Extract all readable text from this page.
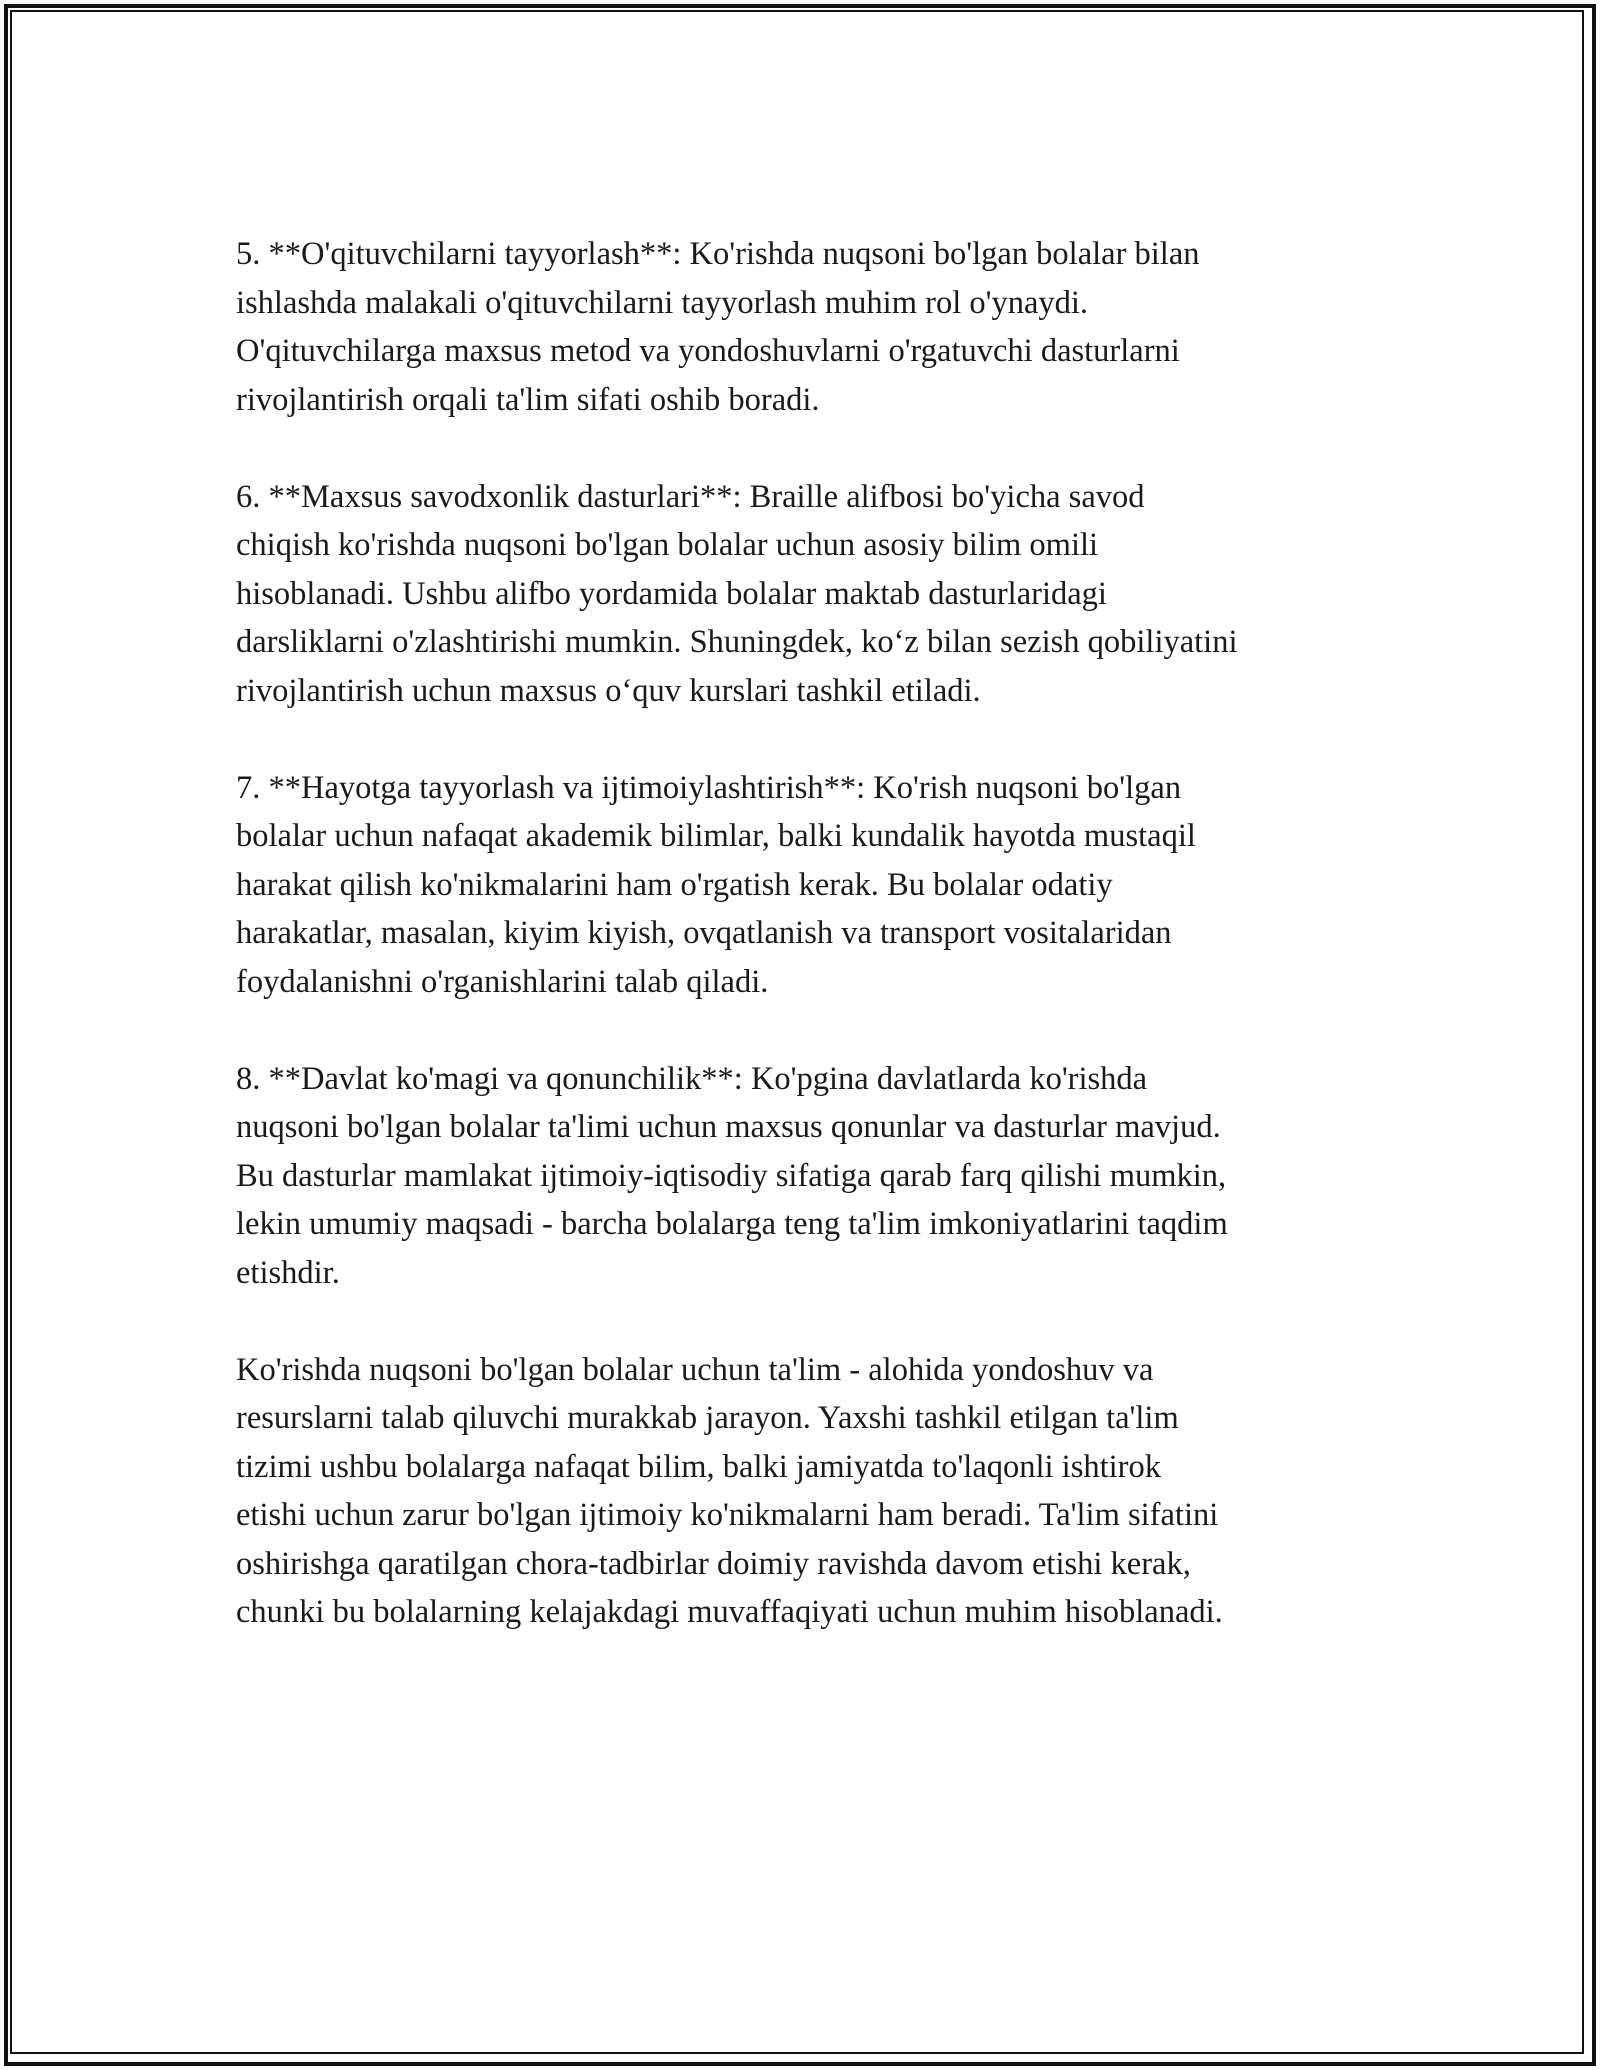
5. **O'qituvchilarni tayyorlash**: Ko'rishda nuqsoni bo'lgan bolalar bilan
ishlashda malakali o'qituvchilarni tayyorlash muhim rol o'ynaydi.
O'qituvchilarga maxsus metod va yondoshuvlarni o'rgatuvchi dasturlarni
rivojlantirish orqali ta'lim sifati oshib boradi.

6. **Maxsus savodxonlik dasturlari**: Braille alifbosi bo'yicha savod
chiqish ko'rishda nuqsoni bo'lgan bolalar uchun asosiy bilim omili
hisoblanadi. Ushbu alifbo yordamida bolalar maktab dasturlaridagi
darsliklarni o'zlashtirishi mumkin. Shuningdek, koʻz bilan sezish qobiliyatini
rivojlantirish uchun maxsus oʻquv kurslari tashkil etiladi.

7. **Hayotga tayyorlash va ijtimoiylashtirish**: Ko'rish nuqsoni bo'lgan
bolalar uchun nafaqat akademik bilimlar, balki kundalik hayotda mustaqil
harakat qilish ko'nikmalarini ham o'rgatish kerak. Bu bolalar odatiy
harakatlar, masalan, kiyim kiyish, ovqatlanish va transport vositalaridan
foydalanishni o'rganishlarini talab qiladi.

8. **Davlat ko'magi va qonunchilik**: Ko'pgina davlatlarda ko'rishda
nuqsoni bo'lgan bolalar ta'limi uchun maxsus qonunlar va dasturlar mavjud.
Bu dasturlar mamlakat ijtimoiy-iqtisodiy sifatiga qarab farq qilishi mumkin,
lekin umumiy maqsadi - barcha bolalarga teng ta'lim imkoniyatlarini taqdim
etishdir.

Ko'rishda nuqsoni bo'lgan bolalar uchun ta'lim - alohida yondoshuv va
resurslarni talab qiluvchi murakkab jarayon. Yaxshi tashkil etilgan ta'lim
tizimi ushbu bolalarga nafaqat bilim, balki jamiyatda to'laqonli ishtirok
etishi uchun zarur bo'lgan ijtimoiy ko'nikmalarni ham beradi. Ta'lim sifatini
oshirishga qaratilgan chora-tadbirlar doimiy ravishda davom etishi kerak,
chunki bu bolalarning kelajakdagi muvaffaqiyati uchun muhim hisoblanadi.
